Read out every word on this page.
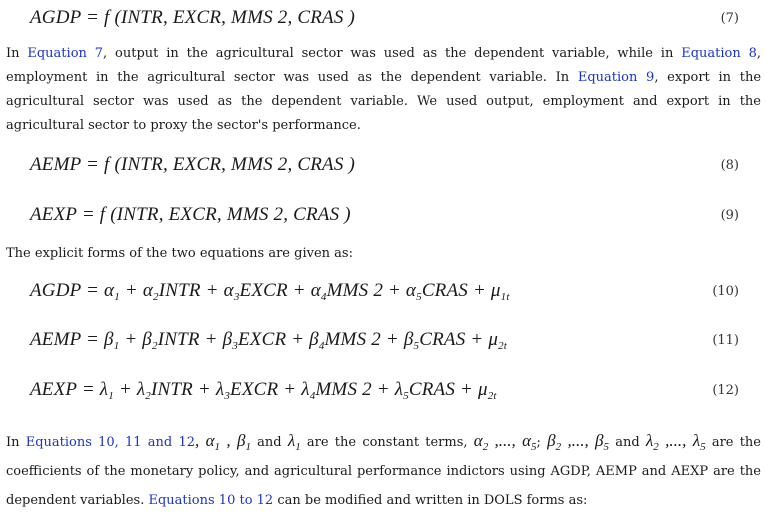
AGDP = f (INTR, EXCR, MMS 2, CRAS )	(7)

In Equation 7, output in the agricultural sector was used as the dependent variable, while in Equation 8, employment in the agricultural sector was used as the dependent variable. In Equation 9, export in the agricultural sector was used as the dependent variable. We used output, employment and export in the agricultural sector to proxy the sector's performance.

AEMP = f (INTR, EXCR, MMS 2, CRAS )	(8)
AEXP = f (INTR, EXCR, MMS 2, CRAS )	(9)

The explicit forms of the two equations are given as:

AGDP = $\alpha_1$ + $\alpha_2INTR$ + $\alpha_3EXCR + \alpha_4MMS$ $2 + \alpha_5CRAS + \mu_{1t}$	(10)
AEMP = $\beta_1$ + $\beta_2INTR$ + $\beta_3EXCR + \beta_4MMS$ $2 + \beta_5CRAS + \mu_{2t}$	(11)
AEXP = $\lambda_1$ + $\lambda_2INTR$ + $\lambda_3EXCR + \lambda_4MMS$ $2 + \lambda_5CRAS + \mu_{2t}$	(12)

In Equations 10, 11 and 12, $\alpha_1$ , $\beta_1$ and $\lambda_1$ are the constant terms, $\alpha_2$ ,..., $\alpha_5$; $\beta_2$ ,..., $\beta_5$ and $\lambda_2$ ,..., $\lambda_5$ are the coefficients of the monetary policy, and agricultural performance indictors using AGDP, AEMP and AEXP are the dependent variables. Equations 10 to 12 can be modified and written in DOLS forms as:
